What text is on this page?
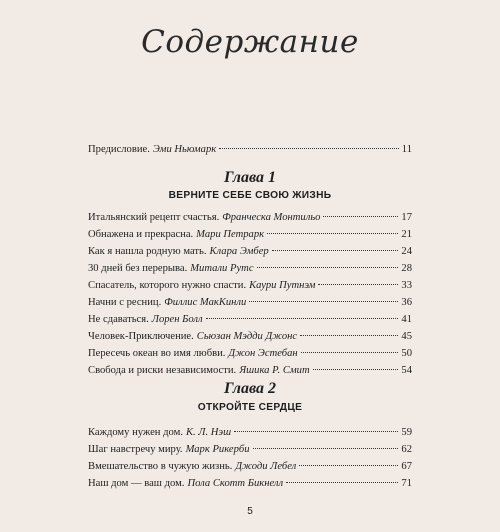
Содержание
Предисловие. Эми Ньюмарк	11
Глава 1
ВЕРНИТЕ СЕБЕ СВОЮ ЖИЗНЬ
Итальянский рецепт счастья. Франческа Монтильо	17
Обнажена и прекрасна. Мари Петрарк	21
Как я нашла родную мать. Клара Эмбер	24
30 дней без перерыва. Митали Рутс	28
Спасатель, которого нужно спасти. Каури Путнэм	33
Начни с ресниц. Филлис МакКинли	36
Не сдаваться. Лорен Болл	41
Человек-Приключение. Сьюзан Мэдди Джонс	45
Пересечь океан во имя любви. Джон Эстебан	50
Свобода и риски независимости. Яшика Р. Смит	54
Глава 2
ОТКРОЙТЕ СЕРДЦЕ
Каждому нужен дом. К. Л. Нэш	59
Шаг навстречу миру. Марк Рикерби	62
Вмешательство в чужую жизнь. Джоди Лебел	67
Наш дом — ваш дом. Пола Скотт Бикнелл	71
5
